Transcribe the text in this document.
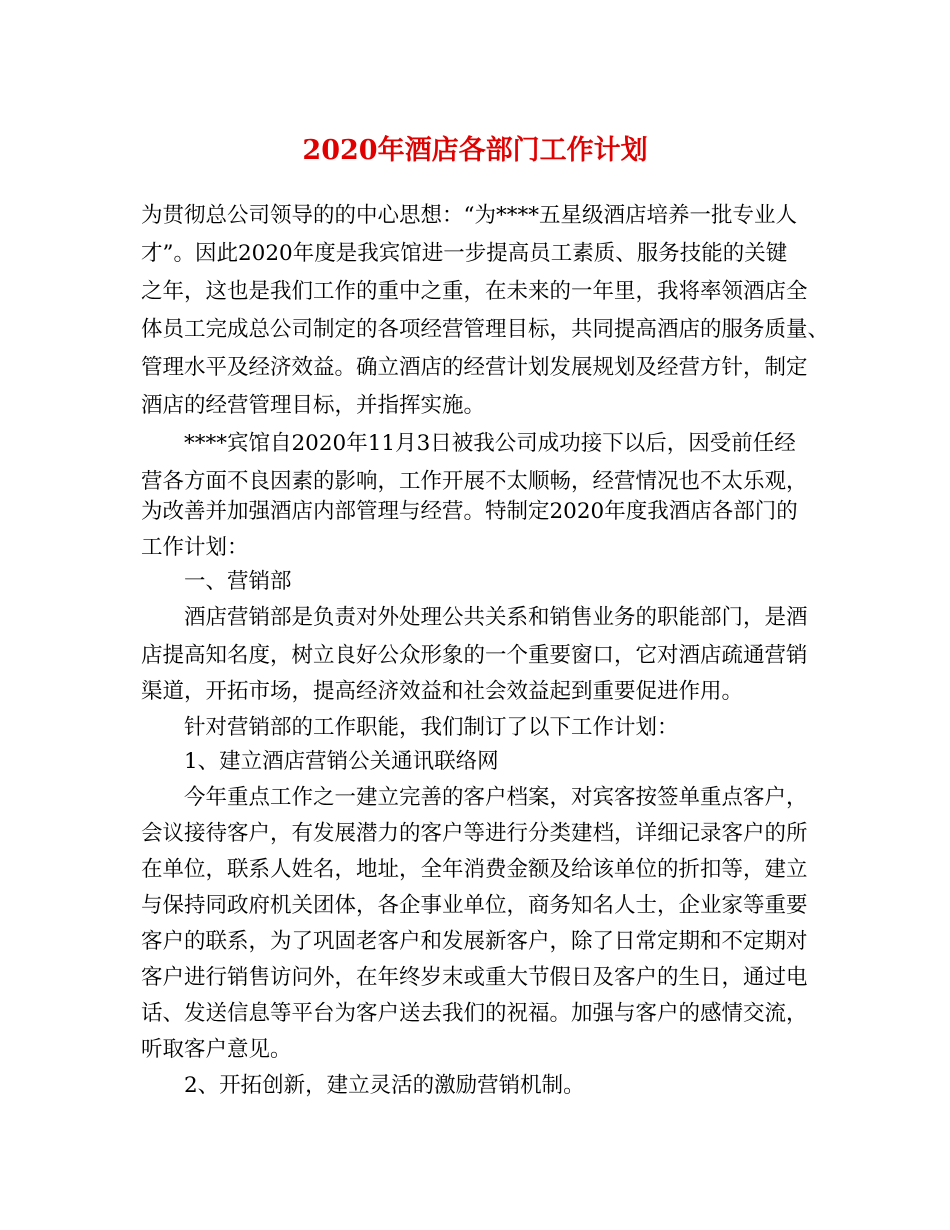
2020年酒店各部门工作计划
为贯彻总公司领导的的中心思想：“为****五星级酒店培养一批专业人
才”。因此2020年度是我宾馆进一步提高员工素质、服务技能的关键
之年，这也是我们工作的重中之重，在未来的一年里，我将率领酒店全
体员工完成总公司制定的各项经营管理目标，共同提高酒店的服务质量、
管理水平及经济效益。确立酒店的经营计划发展规划及经营方针，制定
酒店的经营管理目标，并指挥实施。
****宾馆自2020年11月3日被我公司成功接下以后，因受前任经
营各方面不良因素的影响，工作开展不太顺畅，经营情况也不太乐观，
为改善并加强酒店内部管理与经营。特制定2020年度我酒店各部门的
工作计划：
一、营销部
酒店营销部是负责对外处理公共关系和销售业务的职能部门，是酒
店提高知名度，树立良好公众形象的一个重要窗口，它对酒店疏通营销
渠道，开拓市场，提高经济效益和社会效益起到重要促进作用。
针对营销部的工作职能，我们制订了以下工作计划：
1、建立酒店营销公关通讯联络网
今年重点工作之一建立完善的客户档案，对宾客按签单重点客户，
会议接待客户，有发展潜力的客户等进行分类建档，详细记录客户的所
在单位，联系人姓名，地址，全年消费金额及给该单位的折扣等，建立
与保持同政府机关团体，各企事业单位，商务知名人士，企业家等重要
客户的联系，为了巩固老客户和发展新客户，除了日常定期和不定期对
客户进行销售访问外，在年终岁末或重大节假日及客户的生日，通过电
话、发送信息等平台为客户送去我们的祝福。加强与客户的感情交流，
听取客户意见。
2、开拓创新，建立灵活的激励营销机制。
